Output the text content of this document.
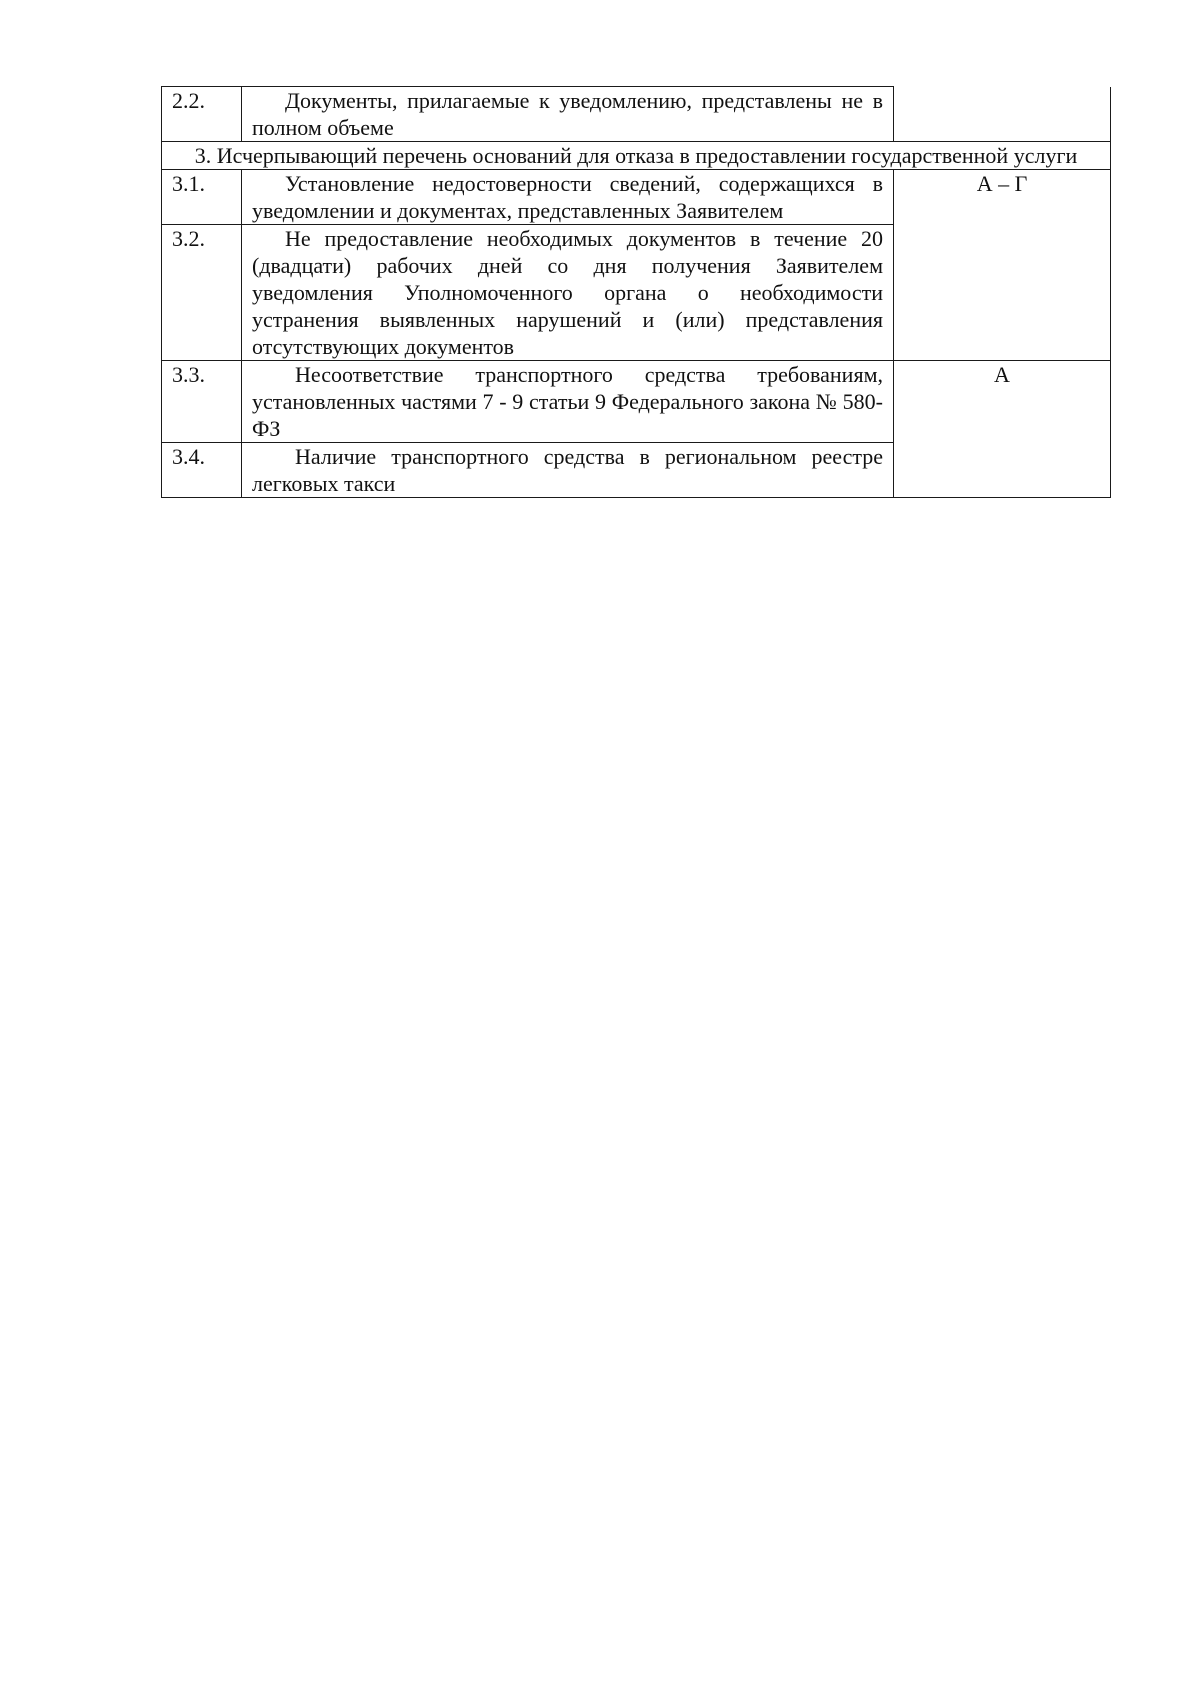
2.2.	Документы, прилагаемые к уведомлению, представлены не в полном объеме	
3. Исчерпывающий перечень оснований для отказа в предоставлении государственной услуги		
3.1.	Установление недостоверности сведений, содержащихся в уведомлении и документах, представленных Заявителем	А – Г
3.2.	Не предоставление необходимых документов в течение 20 (двадцати) рабочих дней со дня получения Заявителем уведомления Уполномоченного органа о необходимости устранения выявленных нарушений и (или) представления отсутствующих документов	
3.3.	Несоответствие транспортного средства требованиям, установленных частями 7 - 9 статьи 9 Федерального закона № 580-ФЗ	А
3.4.	Наличие транспортного средства в региональном реестре легковых такси	
